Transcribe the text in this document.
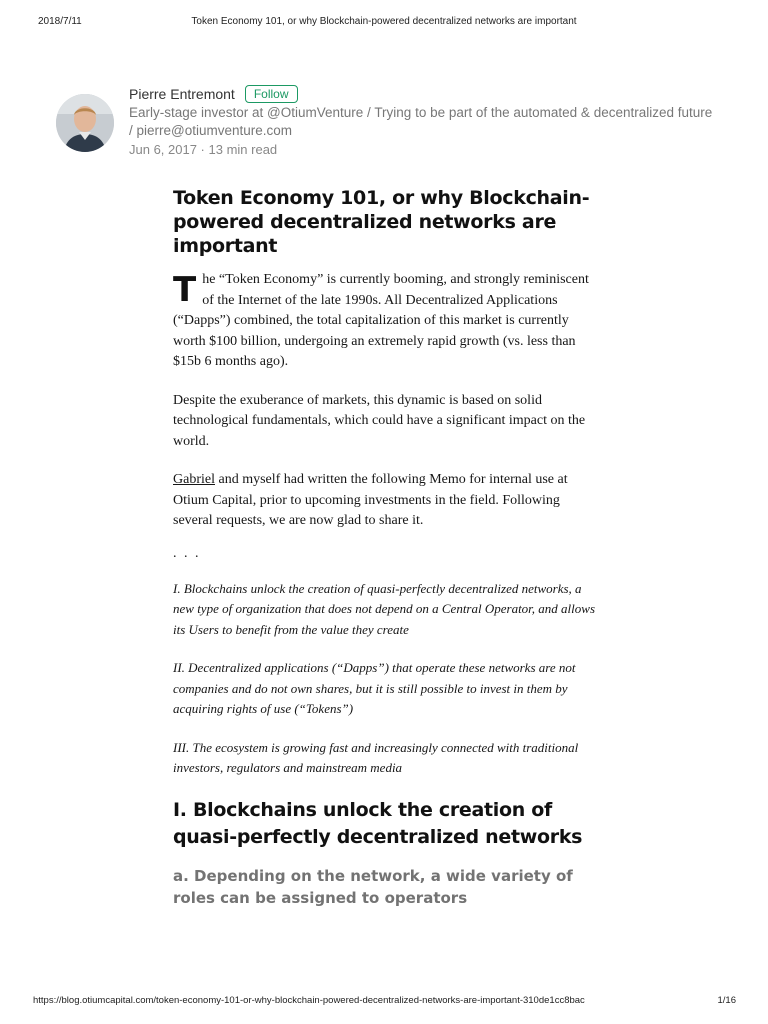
2018/7/11	Token Economy 101, or why Blockchain-powered decentralized networks are important
Pierre Entremont	Follow
Early-stage investor at @OtiumVenture / Trying to be part of the automated & decentralized future / pierre@otiumventure.com
Jun 6, 2017 · 13 min read
Token Economy 101, or why Blockchain-powered decentralized networks are important

The “Token Economy” is currently booming, and strongly reminiscent of the Internet of the late 1990s. All Decentralized Applications (“Dapps”) combined, the total capitalization of this market is currently worth $100 billion, undergoing an extremely rapid growth (vs. less than $15b 6 months ago).

Despite the exuberance of markets, this dynamic is based on solid technological fundamentals, which could have a significant impact on the world.

Gabriel and myself had written the following Memo for internal use at Otium Capital, prior to upcoming investments in the field. Following several requests, we are now glad to share it.

. . .

I. Blockchains unlock the creation of quasi-perfectly decentralized networks, a new type of organization that does not depend on a Central Operator, and allows its Users to benefit from the value they create

II. Decentralized applications (“Dapps”) that operate these networks are not companies and do not own shares, but it is still possible to invest in them by acquiring rights of use (“Tokens”)

III. The ecosystem is growing fast and increasingly connected with traditional investors, regulators and mainstream media

I. Blockchains unlock the creation of quasi-perfectly decentralized networks
a. Depending on the network, a wide variety of roles can be assigned to operators
https://blog.otiumcapital.com/token-economy-101-or-why-blockchain-powered-decentralized-networks-are-important-310de1cc8bac	1/16
